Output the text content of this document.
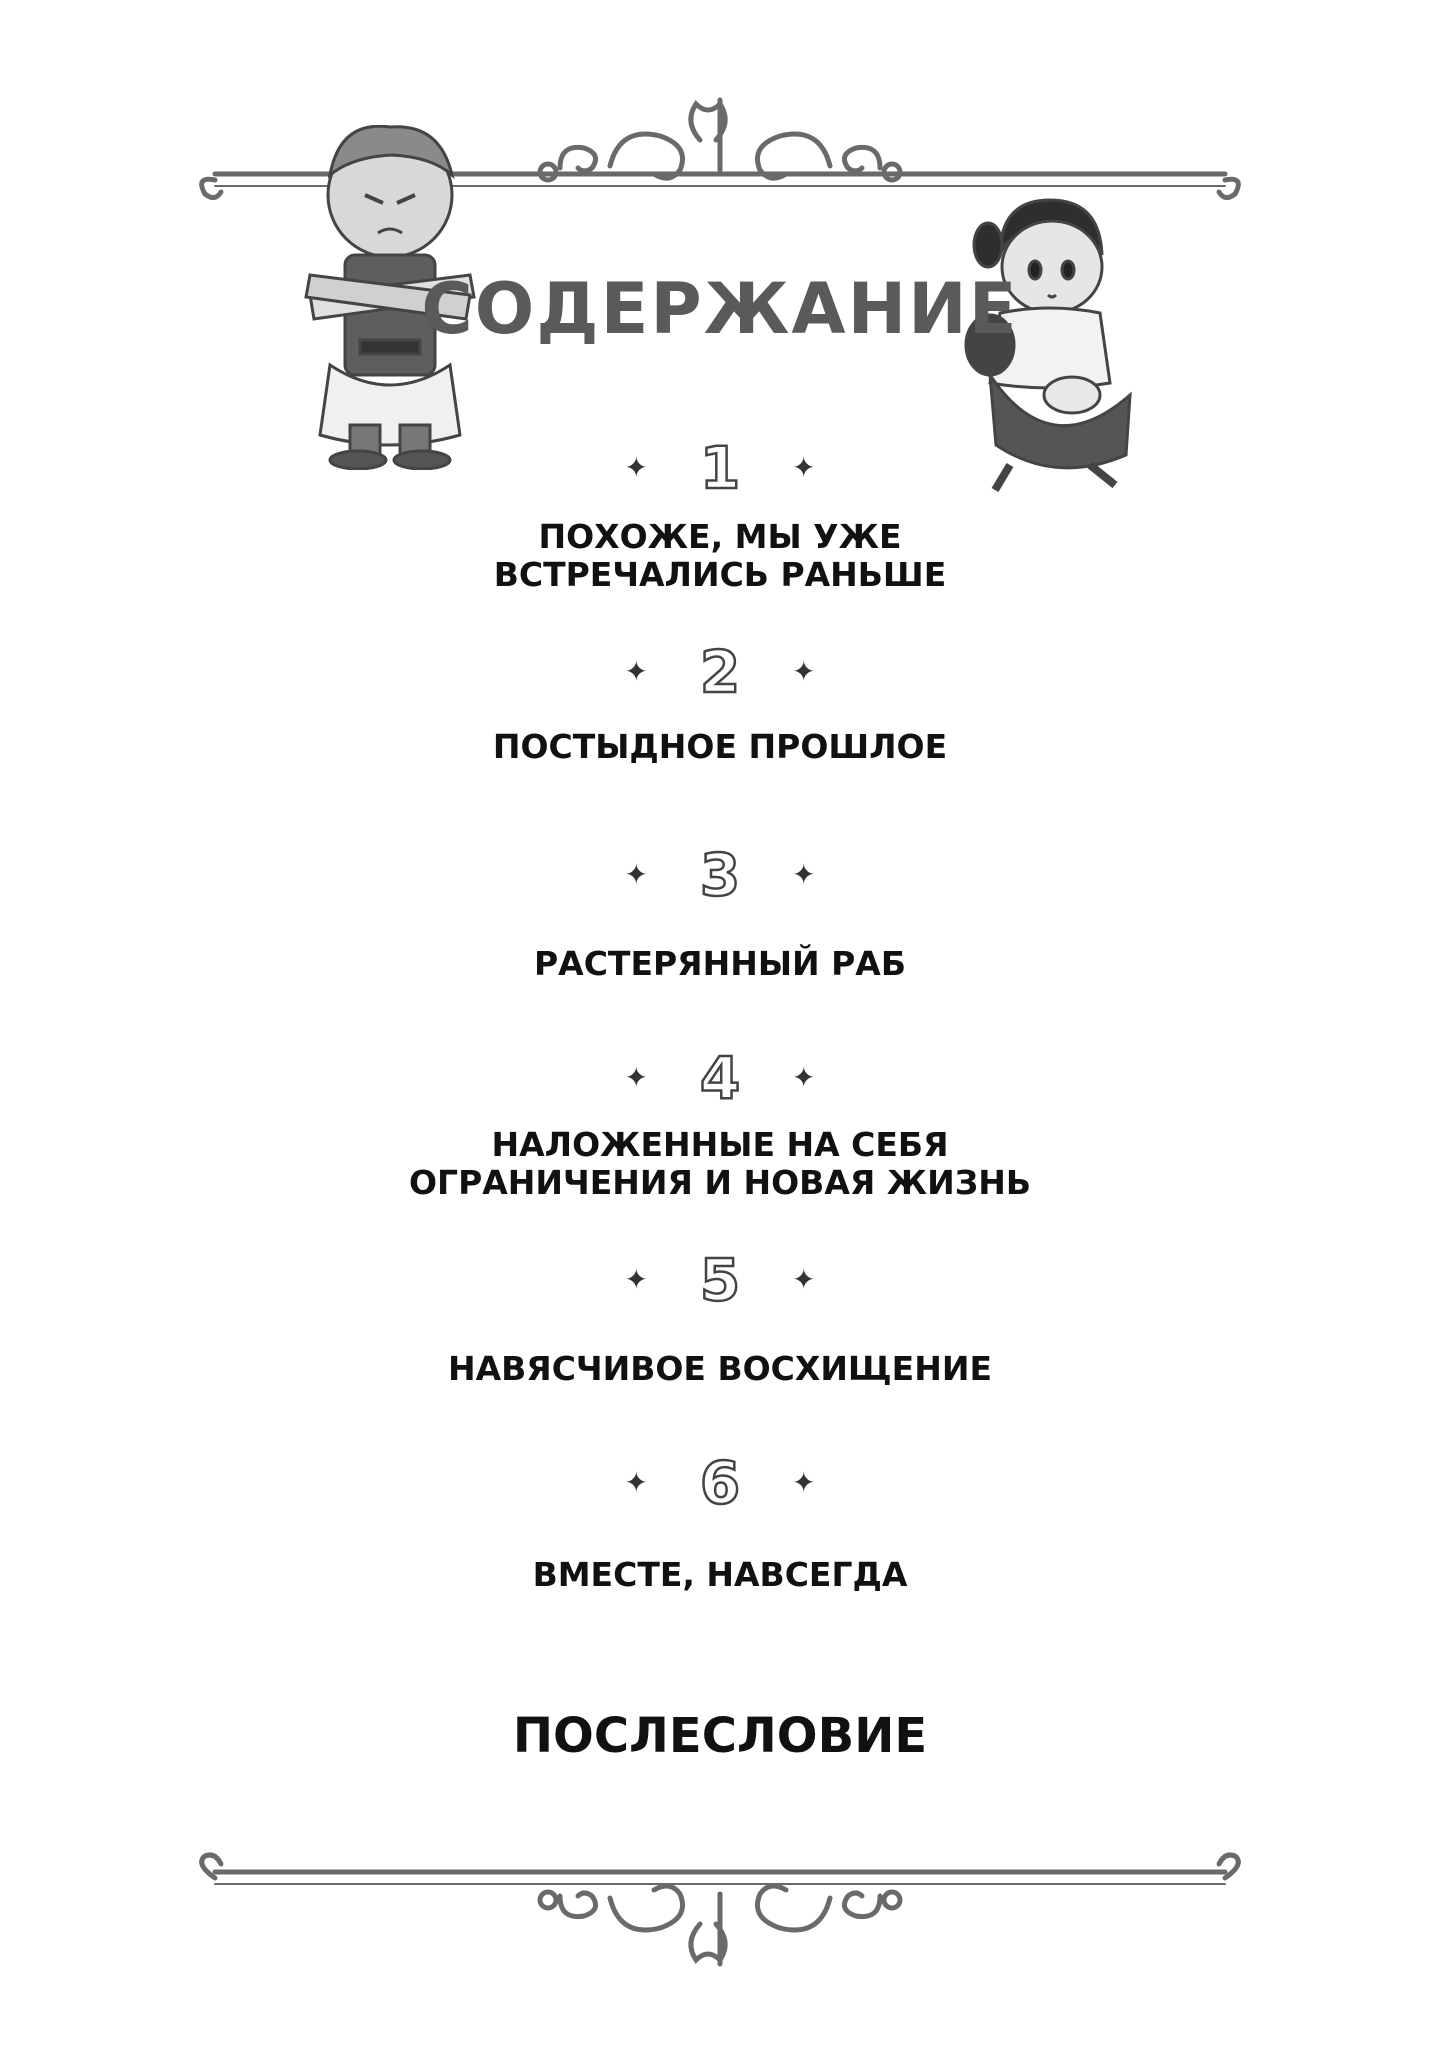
СОДЕРЖАНИЕ
✦ 1	✦
ПОХОЖЕ, МЫ УЖЕ
ВСТРЕЧАЛИСЬ РАНЬШЕ
✦ 2	✦
ПОСТЫДНОЕ ПРОШЛОЕ
✦ 3	✦
РАСТЕРЯННЫЙ РАБ
✦ 4	✦
НАЛОЖЕННЫЕ НА СЕБЯ
ОГРАНИЧЕНИЯ И НОВАЯ ЖИЗНЬ
✦ 5	✦
НАВЯСЧИВОЕ ВОСХИЩЕНИЕ
✦ 6	✦
ВМЕСТЕ, НАВСЕГДА
ПОСЛЕСЛОВИЕ
